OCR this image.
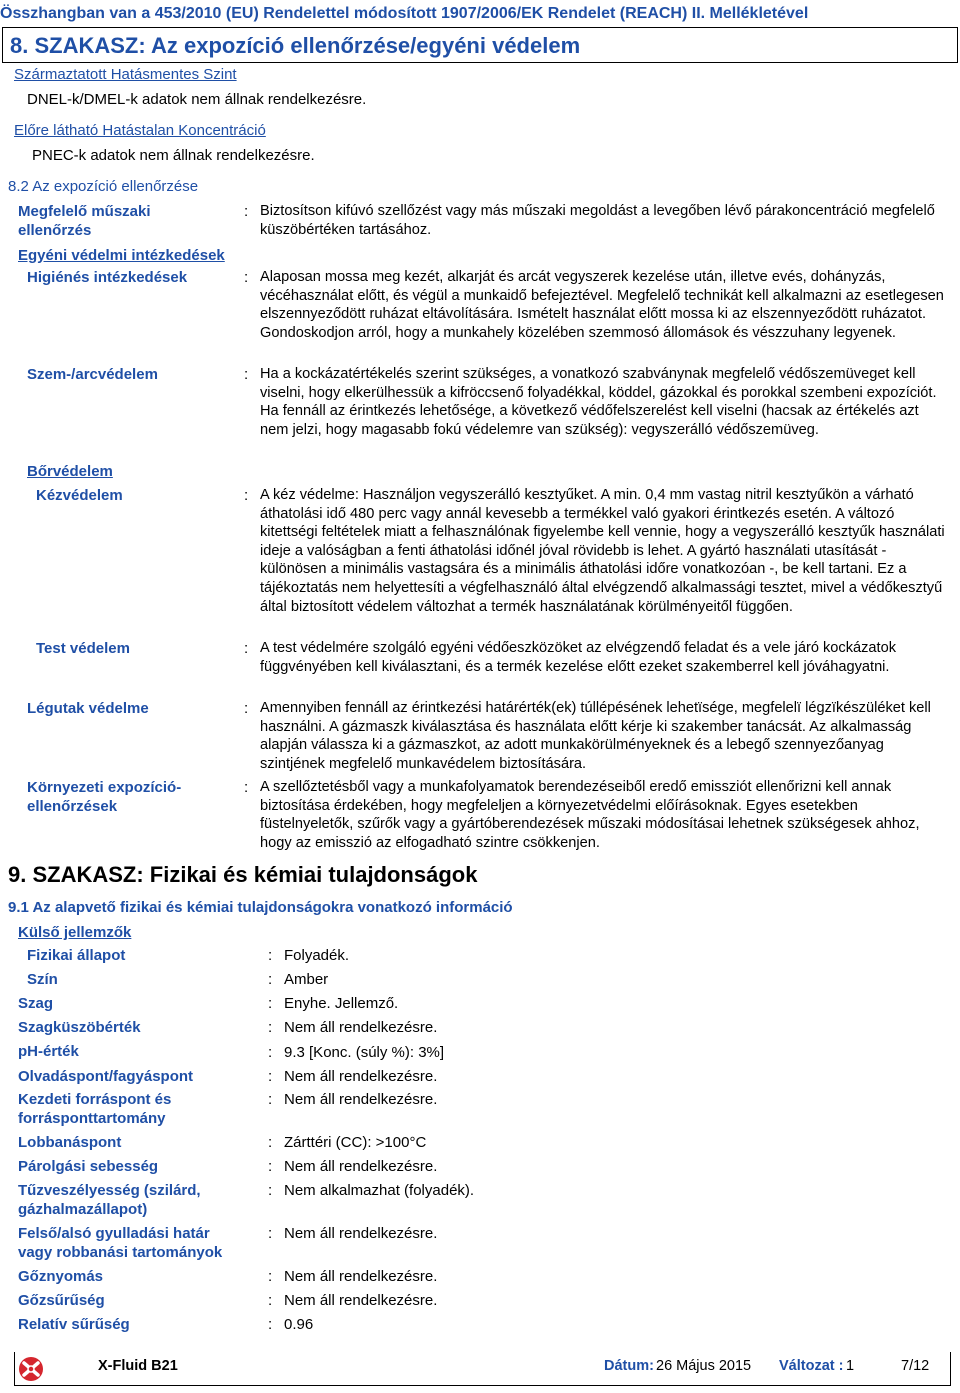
Összhangban van a 453/2010 (EU) Rendelettel módosított 1907/2006/EK Rendelet (REACH) II. Mellékletével
8. SZAKASZ: Az expozíció ellenőrzése/egyéni védelem
Származtatott Hatásmentes Szint
DNEL-k/DMEL-k adatok nem állnak rendelkezésre.
Előre látható Hatástalan Koncentráció
PNEC-k adatok nem állnak rendelkezésre.
8.2 Az expozíció ellenőrzése
Megfelelő műszaki ellenőrzés
: Biztosítson kifúvó szellőzést vagy más műszaki megoldást a levegőben lévő párakoncentráció megfelelő küszöbértéken tartásához.
Egyéni védelmi intézkedések
Higiénés intézkedések	: Alaposan mossa meg kezét, alkarját és arcát vegyszerek kezelése után, illetve evés, dohányzás, vécéhasználat előtt, és végül a munkaidő befejeztével. Megfelelő technikát kell alkalmazni az esetlegesen elszennyeződött ruházat eltávolítására. Ismételt használat előtt mossa ki az elszennyeződött ruházatot. Gondoskodjon arról, hogy a munkahely közelében szemmosó állomások és vészzuhany legyenek.
Szem-/arcvédelem	: Ha a kockázatértékelés szerint szükséges, a vonatkozó szabványnak megfelelő védőszemüveget kell viselni, hogy elkerülhessük a kifröccsenő folyadékkal, köddel, gázokkal és porokkal szembeni expozíciót. Ha fennáll az érintkezés lehetősége, a következő védőfelszerelést kell viselni (hacsak az értékelés azt nem jelzi, hogy magasabb fokú védelemre van szükség): vegyszerálló védőszemüveg.
Bőrvédelem
Kézvédelem	: A kéz védelme: Használjon vegyszerálló kesztyűket. A min. 0,4 mm vastag nitril kesztyűkön a várható áthatolási idő 480 perc vagy annál kevesebb a termékkel való gyakori érintkezés esetén. A változó kitettségi feltételek miatt a felhasználónak figyelembe kell vennie, hogy a vegyszerálló kesztyűk használati ideje a valóságban a fenti áthatolási időnél jóval rövidebb is lehet. A gyártó használati utasítását - különösen a minimális vastagsára és a minimális áthatolási időre vonatkozóan -, be kell tartani. Ez a tájékoztatás nem helyettesíti a végfelhasználó által elvégzendő alkalmassági tesztet, mivel a védőkesztyű által biztosított védelem változhat a termék használatának körülményeitől függően.
Test védelem	: A test védelmére szolgáló egyéni védőeszközöket az elvégzendő feladat és a vele járó kockázatok függvényében kell kiválasztani, és a termék kezelése előtt ezeket szakemberrel kell jóváhagyatni.
Légutak védelme	: Amennyiben fennáll az érintkezési határérték(ek) túllépésének lehetïsége, megfelelï légzïkészüléket kell használni. A gázmaszk kiválasztása és használata előtt kérje ki szakember tanácsát. Az alkalmasság alapján válassza ki a gázmaszkot, az adott munkakörülményeknek és a lebegő szennyezőanyag szintjének megfelelő munkavédelem biztosítására.
Környezeti expozíció-ellenőrzések
: A szellőztetésből vagy a munkafolyamatok berendezéseiből eredő emissziót ellenőrizni kell annak biztosítása érdekében, hogy megfeleljen a környezetvédelmi előírásoknak. Egyes esetekben füstelnyeletők, szűrők vagy a gyártóberendezések műszaki módosításai lehetnek szükségesek ahhoz, hogy az emisszió az elfogadható szintre csökkenjen.
9. SZAKASZ: Fizikai és kémiai tulajdonságok
9.1 Az alapvető fizikai és kémiai tulajdonságokra vonatkozó információ
Külső jellemzők
Fizikai állapot	: Folyadék.
Szín	: Amber
Szag	: Enyhe. Jellemző.
Szagküszöbérték	: Nem áll rendelkezésre.
pH-érték	: 9.3 [Konc. (súly %): 3%]
Olvadáspont/fagyáspont	: Nem áll rendelkezésre.
Kezdeti forráspont és forrásponttartomány
: Nem áll rendelkezésre.
Lobbanáspont	: Zárttéri (CC): >100°C
Párolgási sebesség	: Nem áll rendelkezésre.
Tűzveszélyesség (szilárd, gázhalmazállapot)
: Nem alkalmazhat (folyadék).
Felső/alsó gyulladási határ vagy robbanási tartományok
: Nem áll rendelkezésre.
Gőznyomás	: Nem áll rendelkezésre.
Gőzsűrűség	: Nem áll rendelkezésre.
Relatív sűrűség	: 0.96
X-Fluid B21	Dátum: 26 Május 2015 Változat : 1	7/12
